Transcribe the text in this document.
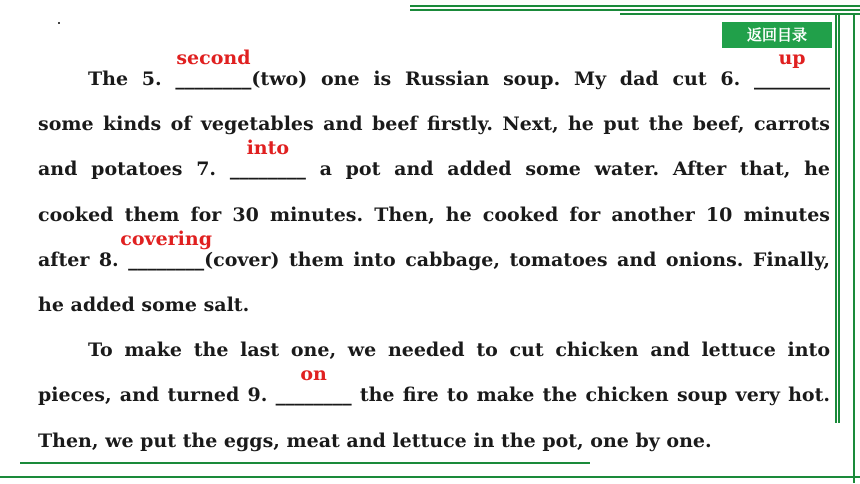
返回目录
The 5. ________
second
(two) one is Russian soup. My dad cut 6. ________
up
some kinds of vegetables and beef firstly. Next, he put the beef, carrots
and potatoes 7. ________
into
a pot and added some water. After that, he
cooked them for 30 minutes. Then, he cooked for another 10 minutes
after 8. ________
covering
(cover) them into cabbage, tomatoes and onions. Finally,
he added some salt.
To make the last one, we needed to cut chicken and lettuce into
pieces, and turned 9. ________
on
the fire to make the chicken soup very hot.
Then, we put the eggs, meat and lettuce in the pot, one by one.
